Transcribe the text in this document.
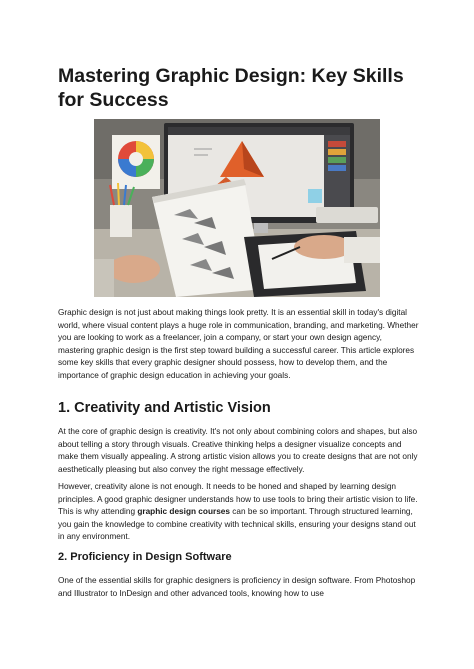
Mastering Graphic Design: Key Skills for Success

Graphic design is not just about making things look pretty. It is an essential skill in today's digital world, where visual content plays a huge role in communication, branding, and marketing. Whether you are looking to work as a freelancer, join a company, or start your own design agency, mastering graphic design is the first step toward building a successful career. This article explores some key skills that every graphic designer should possess, how to develop them, and the importance of graphic design education in achieving your goals.

1. Creativity and Artistic Vision

At the core of graphic design is creativity. It's not only about combining colors and shapes, but also about telling a story through visuals. Creative thinking helps a designer visualize concepts and make them visually appealing. A strong artistic vision allows you to create designs that are not only aesthetically pleasing but also convey the right message effectively.

However, creativity alone is not enough. It needs to be honed and shaped by learning design principles. A good graphic designer understands how to use tools to bring their artistic vision to life. This is why attending graphic design courses can be so important. Through structured learning, you gain the knowledge to combine creativity with technical skills, ensuring your designs stand out in any environment.

2. Proficiency in Design Software

One of the essential skills for graphic designers is proficiency in design software. From Photoshop and Illustrator to InDesign and other advanced tools, knowing how to use
